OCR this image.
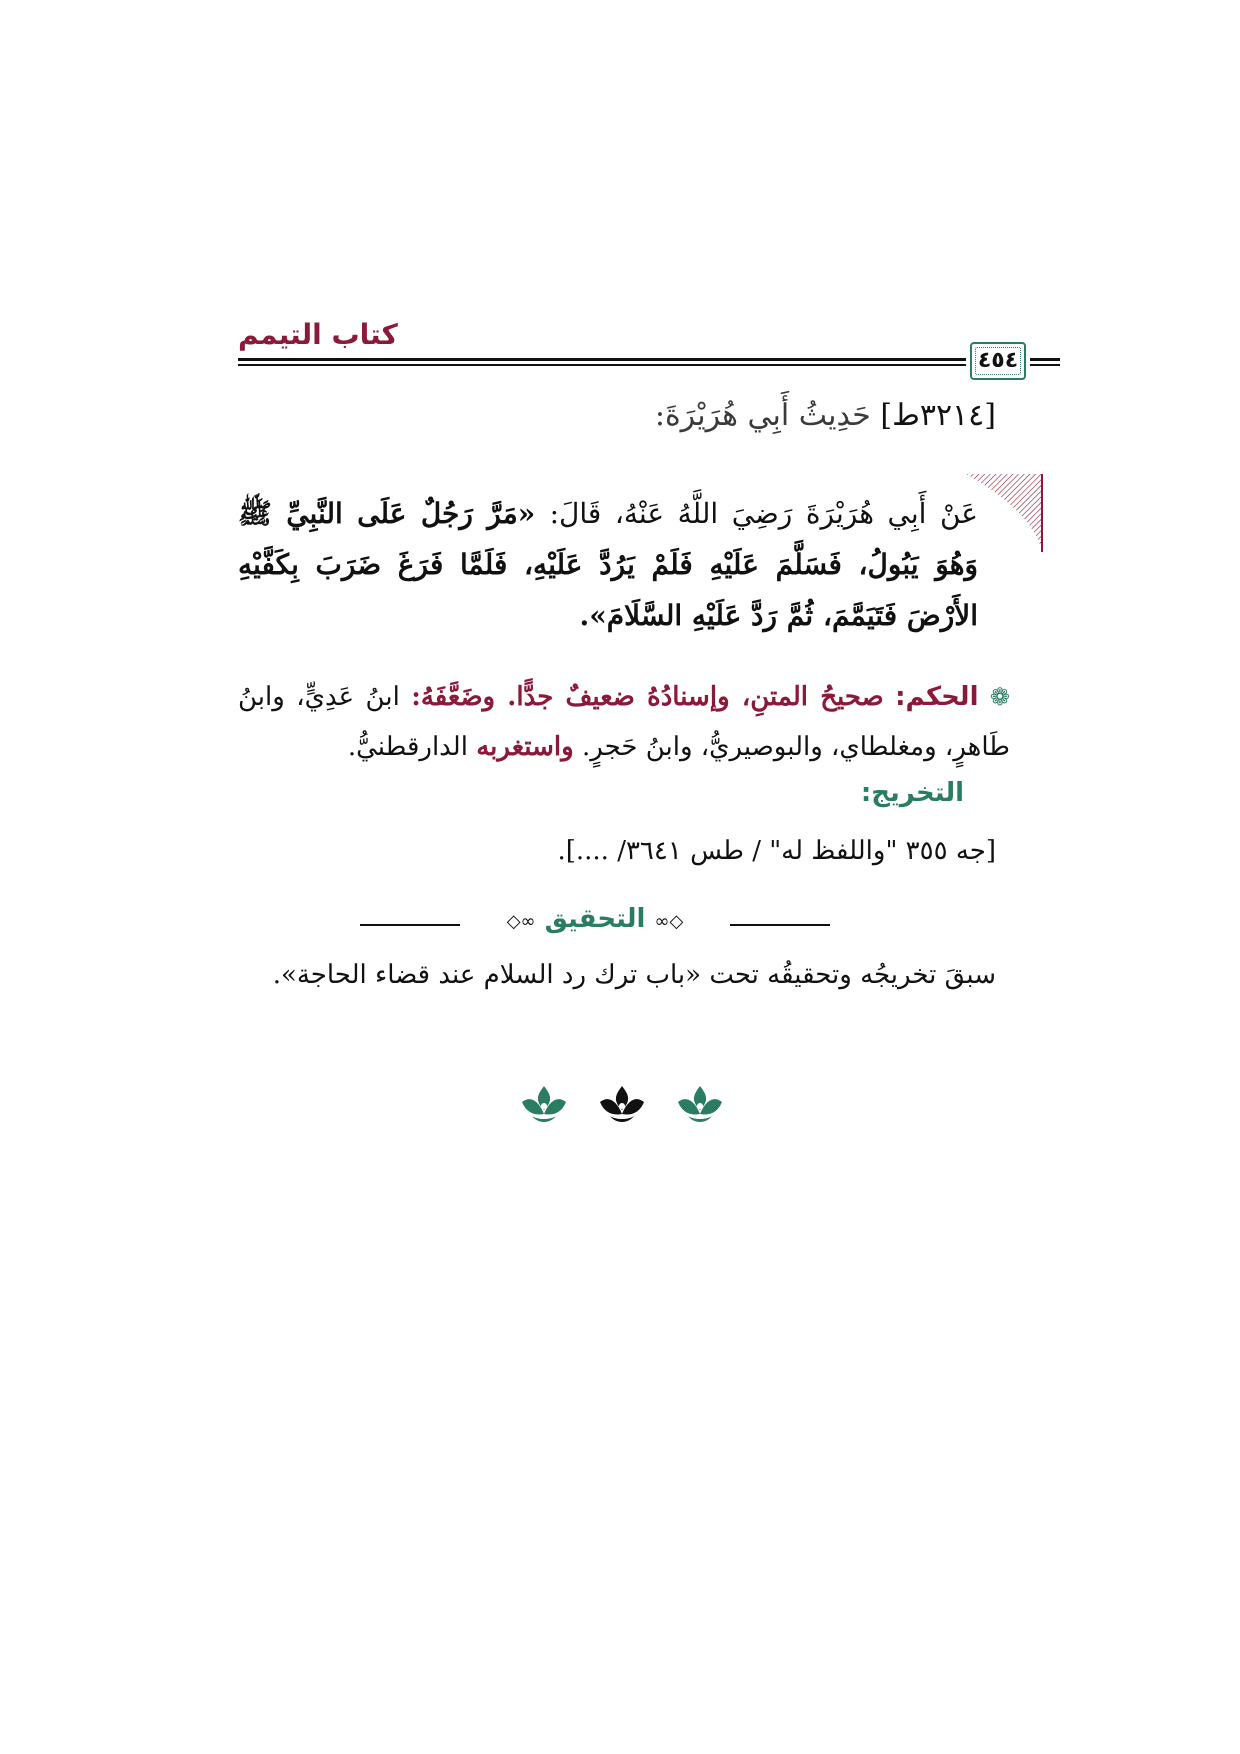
كتاب التيمم
٤٥٤
[٣٢١٤ط] حَدِيثُ أَبِي هُرَيْرَةَ:
عَنْ أَبِي هُرَيْرَةَ رَضِيَ اللَّهُ عَنْهُ، قَالَ: «مَرَّ رَجُلٌ عَلَى النَّبِيِّ ﷺ وَهُوَ يَبُولُ، فَسَلَّمَ عَلَيْهِ فَلَمْ يَرُدَّ عَلَيْهِ، فَلَمَّا فَرَغَ ضَرَبَ بِكَفَّيْهِ الأَرْضَ فَتَيَمَّمَ، ثُمَّ رَدَّ عَلَيْهِ السَّلَامَ».
❁ الحكم: صحيحُ المتنِ، وإسنادُهُ ضعيفٌ جدًّا. وضَعَّفَهُ: ابنُ عَدِيٍّ، وابنُ طَاهرٍ، ومغلطاي، والبوصيريُّ، وابنُ حَجرٍ. واستغربه الدارقطنيُّ.
التخريج:
[جه ٣٥٥ "واللفظ له" / طس ٣٦٤١/ ....].
◇∞ التحقيق ∞◇
سبقَ تخريجُه وتحقيقُه تحت «باب ترك رد السلام عند قضاء الحاجة».
